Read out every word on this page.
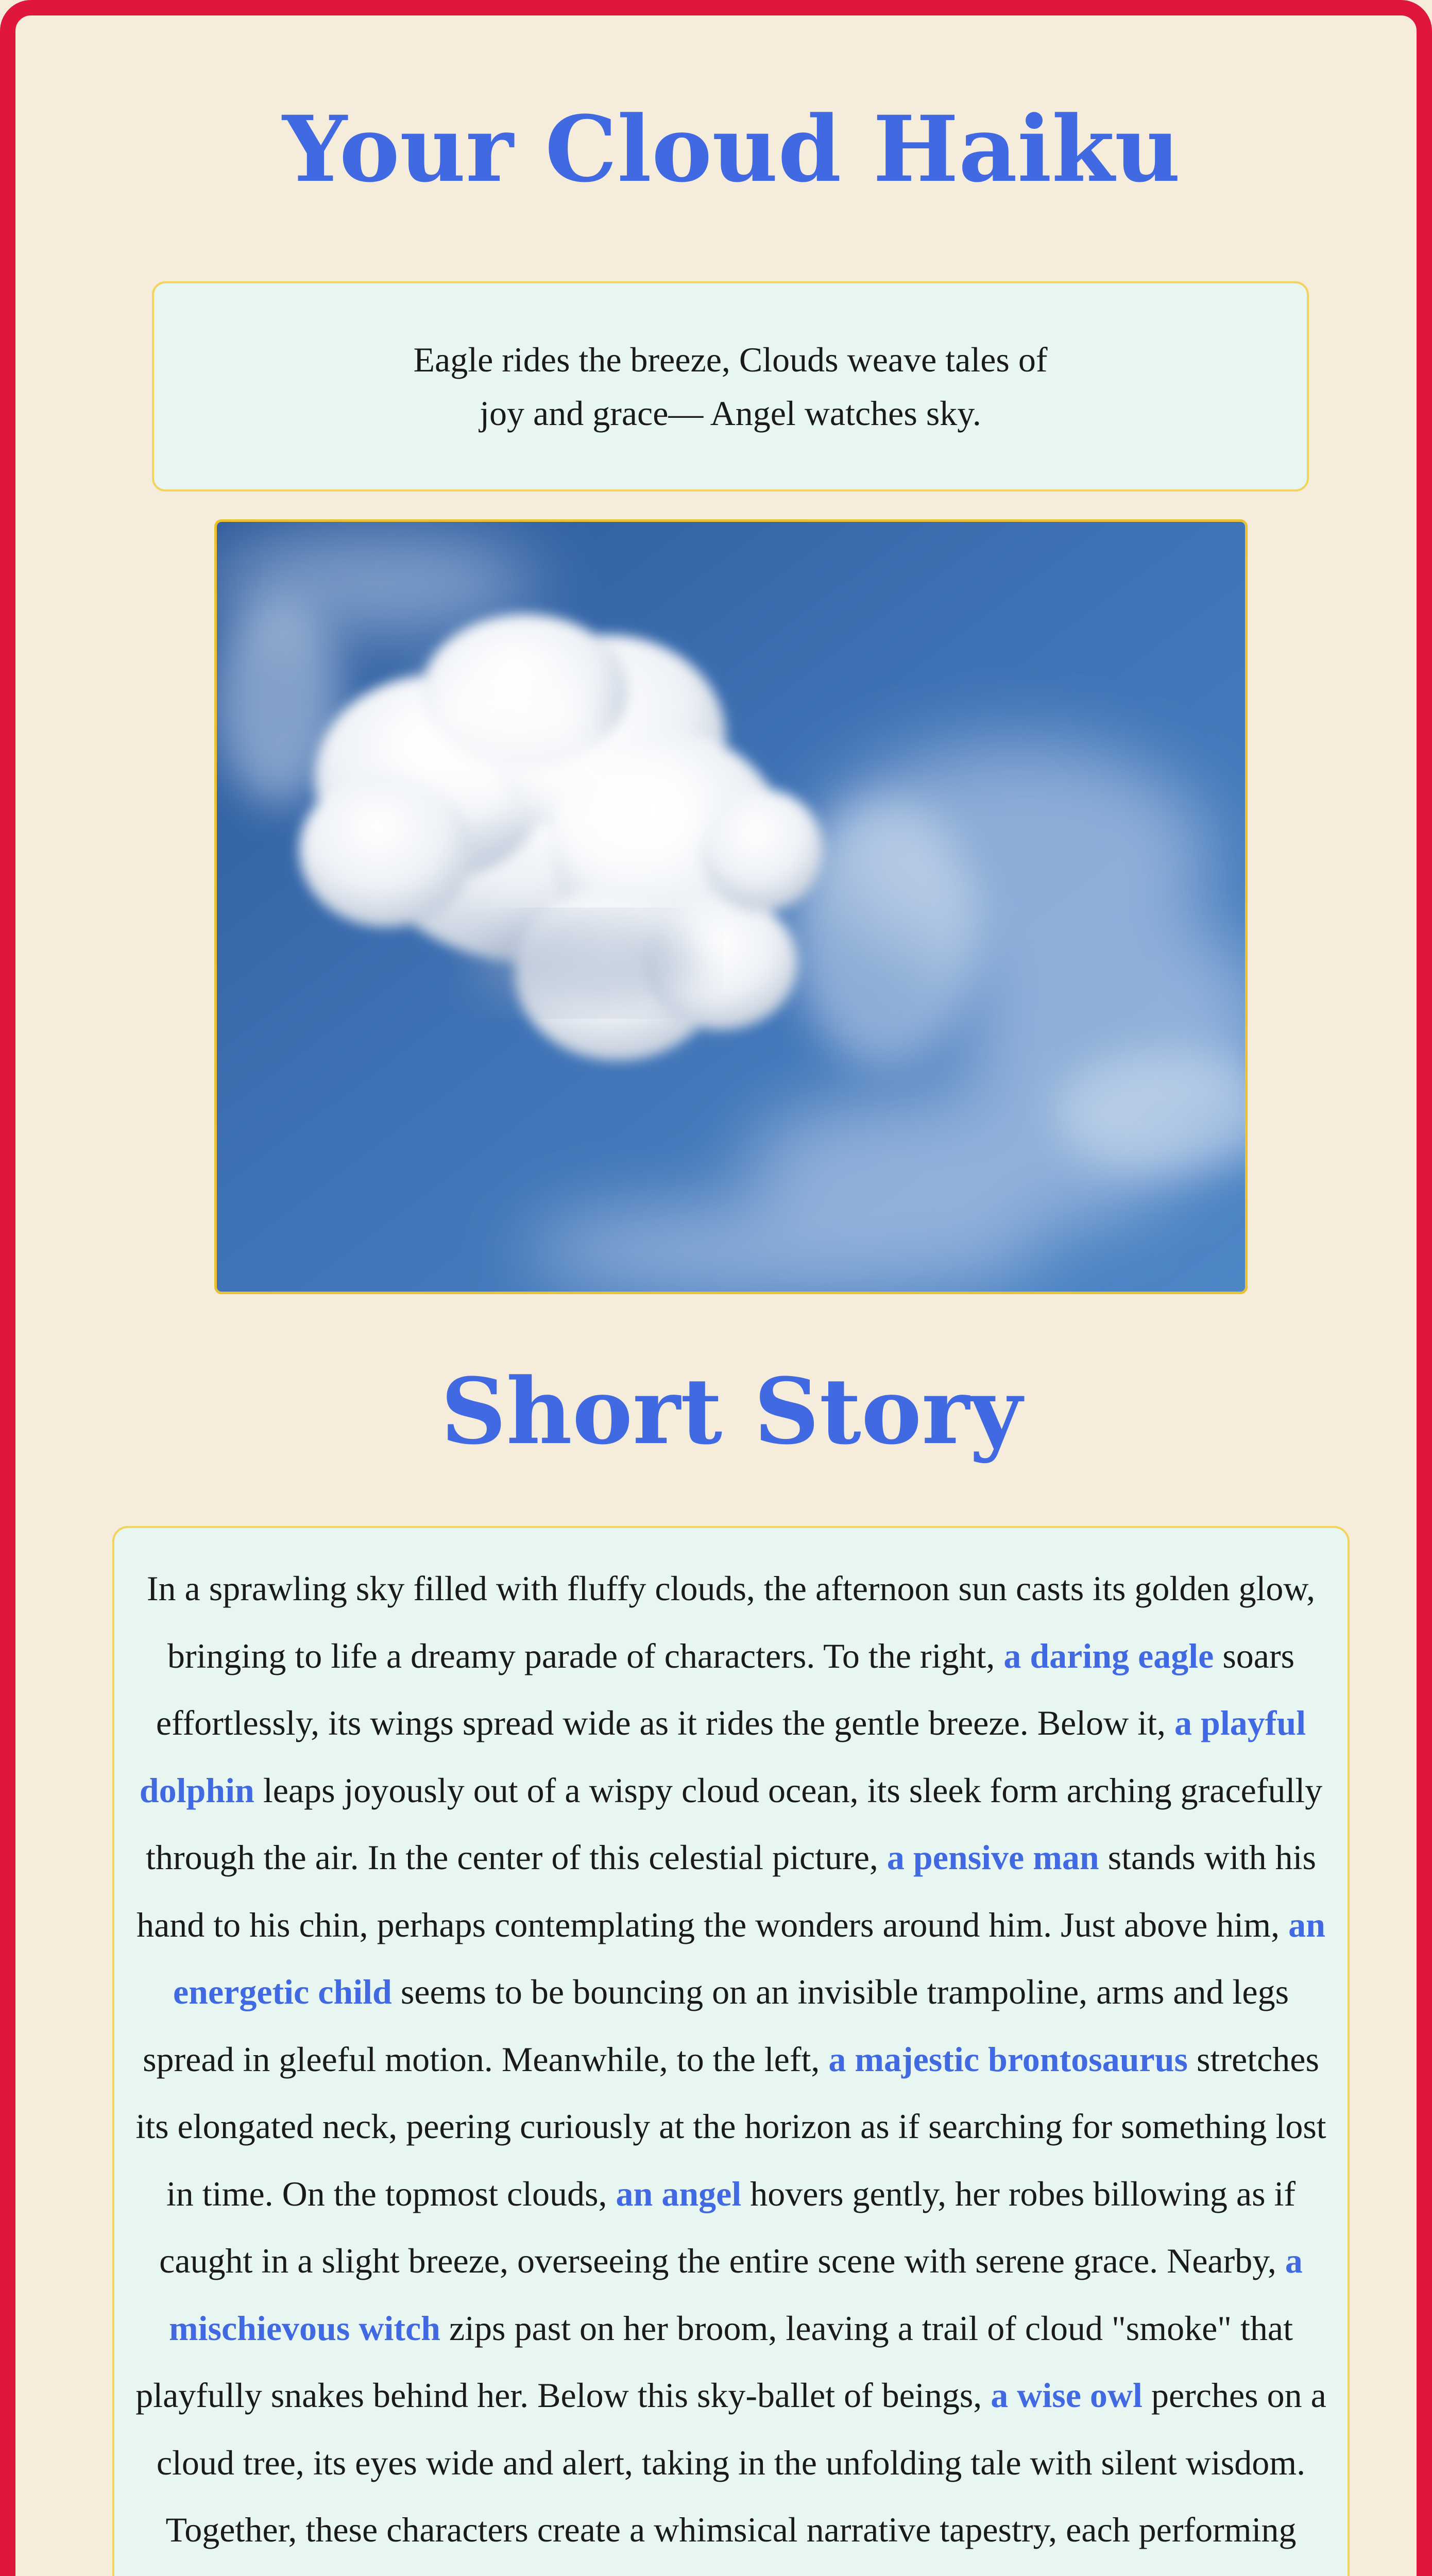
Your Cloud Haiku
Eagle rides the breeze, Clouds weave tales of joy and grace— Angel watches sky.
Short Story

In a sprawling sky filled with fluffy clouds, the afternoon sun casts its golden glow, bringing to life a dreamy parade of characters. To the right, a daring eagle soars effortlessly, its wings spread wide as it rides the gentle breeze. Below it, a playful dolphin leaps joyously out of a wispy cloud ocean, its sleek form arching gracefully through the air. In the center of this celestial picture, a pensive man stands with his hand to his chin, perhaps contemplating the wonders around him. Just above him, an energetic child seems to be bouncing on an invisible trampoline, arms and legs spread in gleeful motion. Meanwhile, to the left, a majestic brontosaurus stretches its elongated neck, peering curiously at the horizon as if searching for something lost in time. On the topmost clouds, an angel hovers gently, her robes billowing as if caught in a slight breeze, overseeing the entire scene with serene grace. Nearby, a mischievous witch zips past on her broom, leaving a trail of cloud "smoke" that playfully snakes behind her. Below this sky-ballet of beings, a wise owl perches on a cloud tree, its eyes wide and alert, taking in the unfolding tale with silent wisdom. Together, these characters create a whimsical narrative tapestry, each performing
